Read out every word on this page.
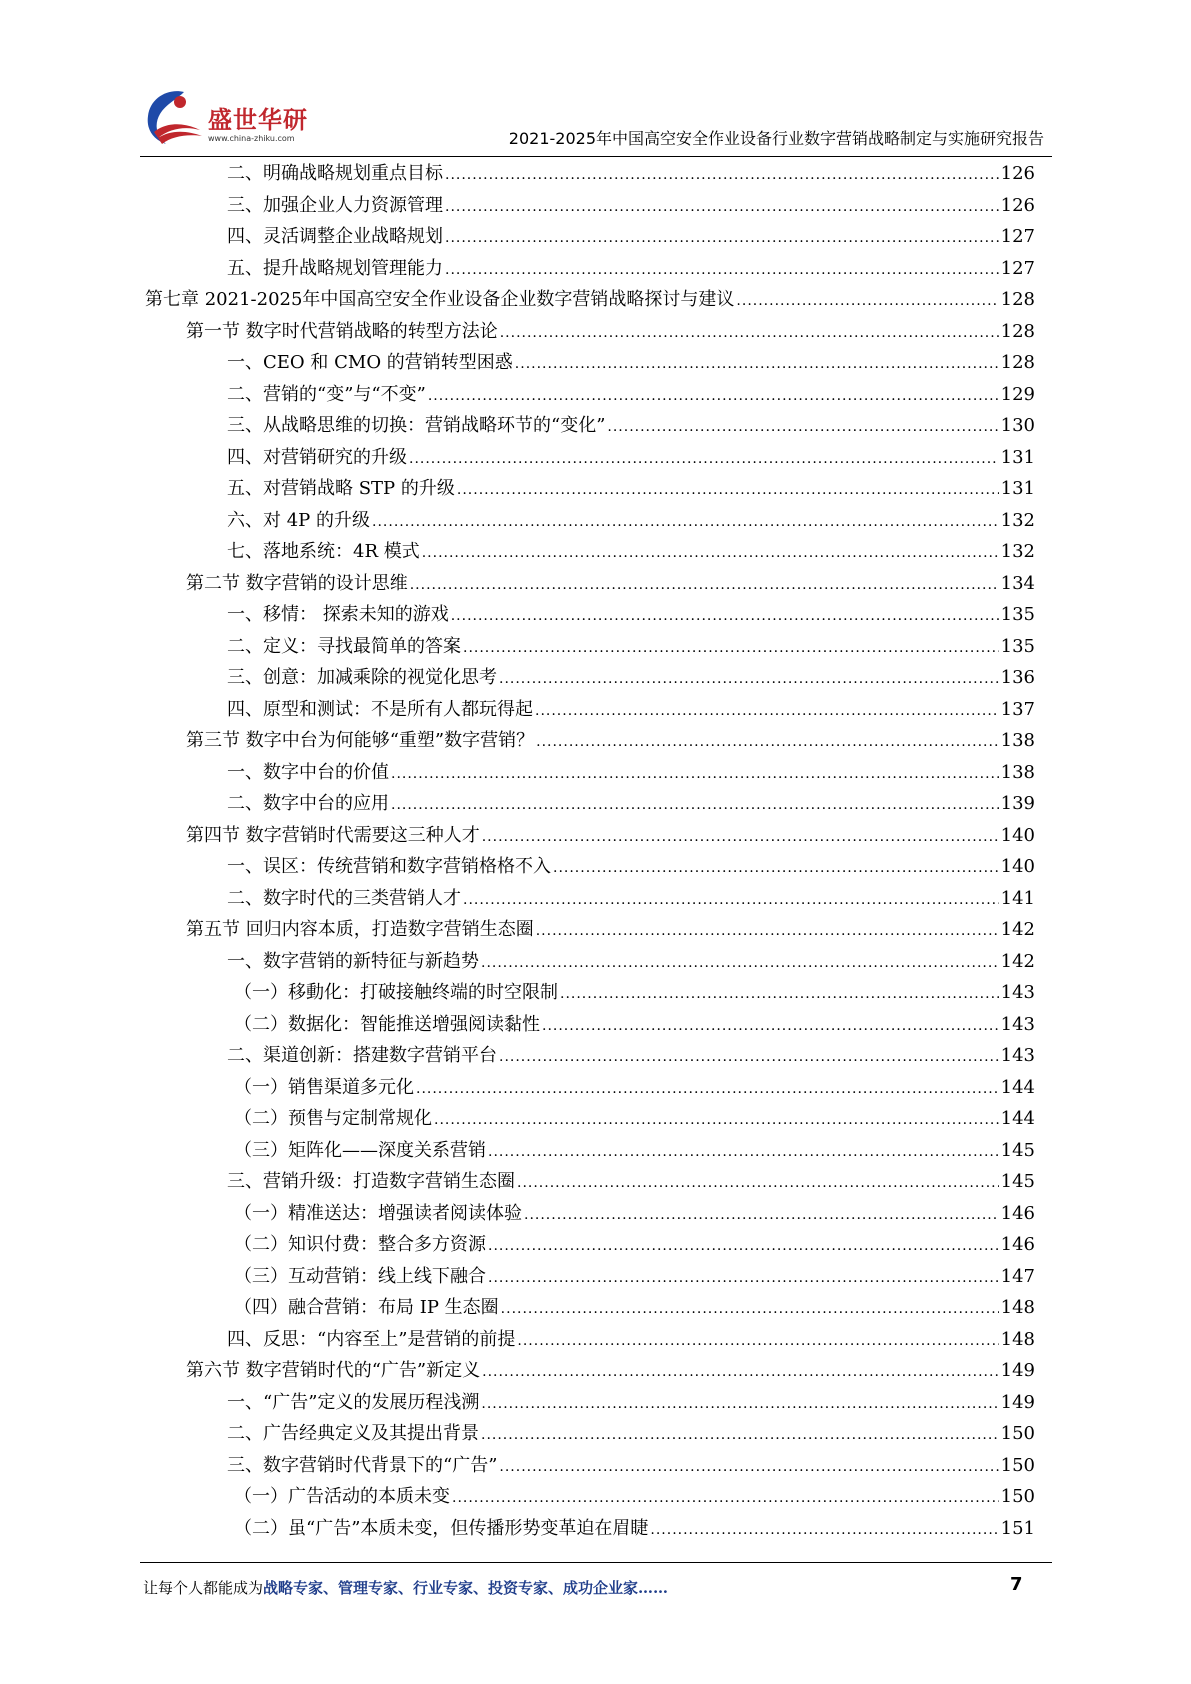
盛世华研
www.china-zhiku.com	2021-2025年中国高空安全作业设备行业数字营销战略制定与实施研究报告
二、明确战略规划重点目标 .....	126
三、加强企业人力资源管理 .....	126
四、灵活调整企业战略规划 .....	127
五、提升战略规划管理能力 .....	127
第七章 2021-2025年中国高空安全作业设备企业数字营销战略探讨与建议 .....	128
第一节 数字时代营销战略的转型方法论 .....	128
一、CEO 和 CMO 的营销转型困惑 .....	128
二、营销的“变”与“不变” .....	129
三、从战略思维的切换：营销战略环节的“变化” .....	130
四、对营销研究的升级 .....	131
五、对营销战略 STP 的升级 .....	131
六、对 4P 的升级 .....	132
七、落地系统：4R 模式 .....	132
第二节 数字营销的设计思维 .....	134
一、移情： 探索未知的游戏 .....	135
二、定义：寻找最简单的答案 .....	135
三、创意：加减乘除的视觉化思考 .....	136
四、原型和测试：不是所有人都玩得起 .....	137
第三节 数字中台为何能够“重塑”数字营销？ .....	138
一、数字中台的价值 .....	138
二、数字中台的应用 .....	139
第四节 数字营销时代需要这三种人才 .....	140
一、误区：传统营销和数字营销格格不入 .....	140
二、数字时代的三类营销人才 .....	141
第五节 回归内容本质，打造数字营销生态圈 .....	142
一、数字营销的新特征与新趋势 .....	142
（一）移動化：打破接触终端的时空限制 .....	143
（二）数据化：智能推送增强阅读黏性 .....	143
二、渠道创新：搭建数字营销平台 .....	143
（一）销售渠道多元化 .....	144
（二）预售与定制常规化 .....	144
（三）矩阵化——深度关系营销 .....	145
三、营销升级：打造数字营销生态圈 .....	145
（一）精准送达：增强读者阅读体验 .....	146
（二）知识付费：整合多方资源 .....	146
（三）互动营销：线上线下融合 .....	147
（四）融合营销：布局 IP 生态圈 .....	148
四、反思：“内容至上”是营销的前提 .....	148
第六节 数字营销时代的“广告”新定义 .....	149
一、“广告”定义的发展历程浅溯 .....	149
二、广告经典定义及其提出背景 .....	150
三、数字营销时代背景下的“广告” .....	150
（一）广告活动的本质未变 .....	150
（二）虽“广告”本质未变，但传播形势变革迫在眉睫 .....	151
让每个人都能成为战略专家、管理专家、行业专家、投资专家、成功企业家……	7
